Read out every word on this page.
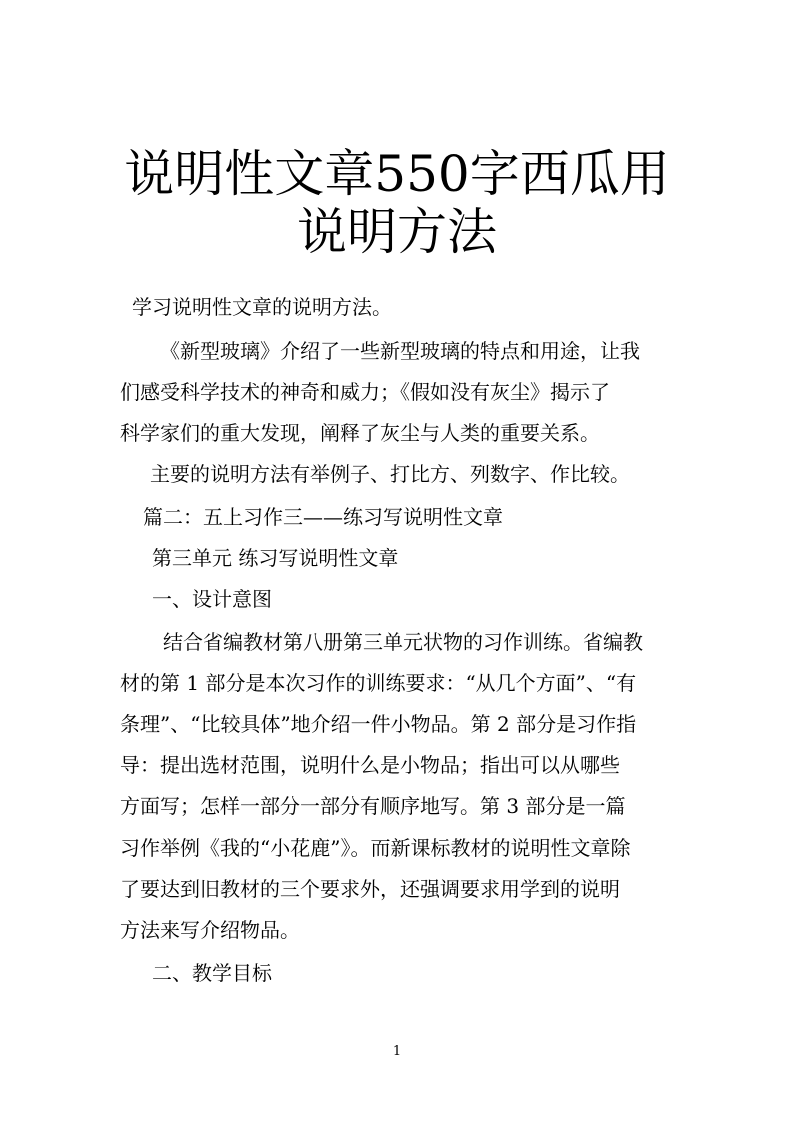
说明性文章550字西瓜用
说明方法
学习说明性文章的说明方法。
《新型玻璃》介绍了一些新型玻璃的特点和用途，让我
们感受科学技术的神奇和威力；《假如没有灰尘》揭示了
科学家们的重大发现，阐释了灰尘与人类的重要关系。
主要的说明方法有举例子、打比方、列数字、作比较。
篇二：五上习作三——练习写说明性文章
第三单元 练习写说明性文章
一、设计意图
结合省编教材第八册第三单元状物的习作训练。省编教
材的第 1 部分是本次习作的训练要求：“从几个方面”、“有
条理”、“比较具体”地介绍一件小物品。第 2 部分是习作指
导：提出选材范围，说明什么是小物品；指出可以从哪些
方面写；怎样一部分一部分有顺序地写。第 3 部分是一篇
习作举例《我的“小花鹿”》。而新课标教材的说明性文章除
了要达到旧教材的三个要求外，还强调要求用学到的说明
方法来写介绍物品。
二、教学目标
1
